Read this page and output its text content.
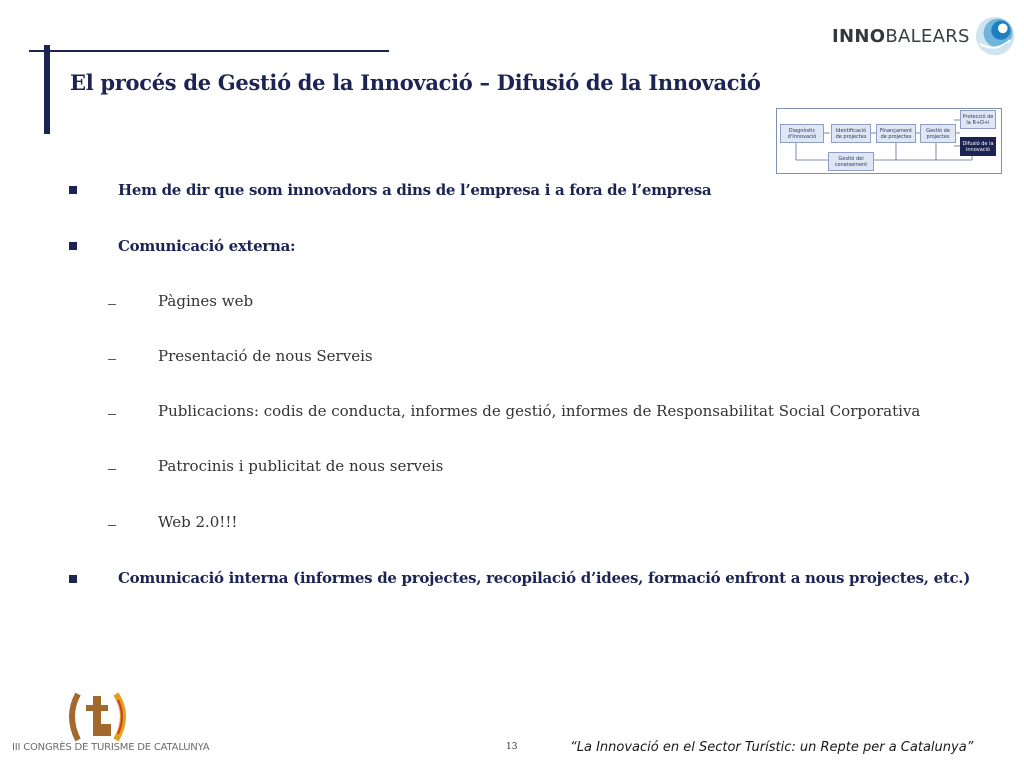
El procés de Gestió de la Innovació – Difusió de la Innovació
INNOBALEARS
Diagnòstic d'Innovació
Identificació de projectes
Finançament de projectes
Gestió de projectes
Protecció de la R+D+i
Difusió de la innovació
Gestió del coneixement
Hem de dir que som innovadors a dins de l’empresa i a fora de l’empresa
Comunicació externa:
Pàgines web
Presentació de nous Serveis
Publicacions: codis de conducta, informes de gestió, informes de Responsabilitat Social Corporativa
Patrocinis i publicitat de nous serveis
Web 2.0!!!
Comunicació interna (informes de projectes, recopilació d’idees, formació enfront a nous projectes, etc.)
III CONGRÈS DE TURISME DE CATALUNYA	13	“La Innovació en el Sector Turístic: un Repte per a Catalunya”
